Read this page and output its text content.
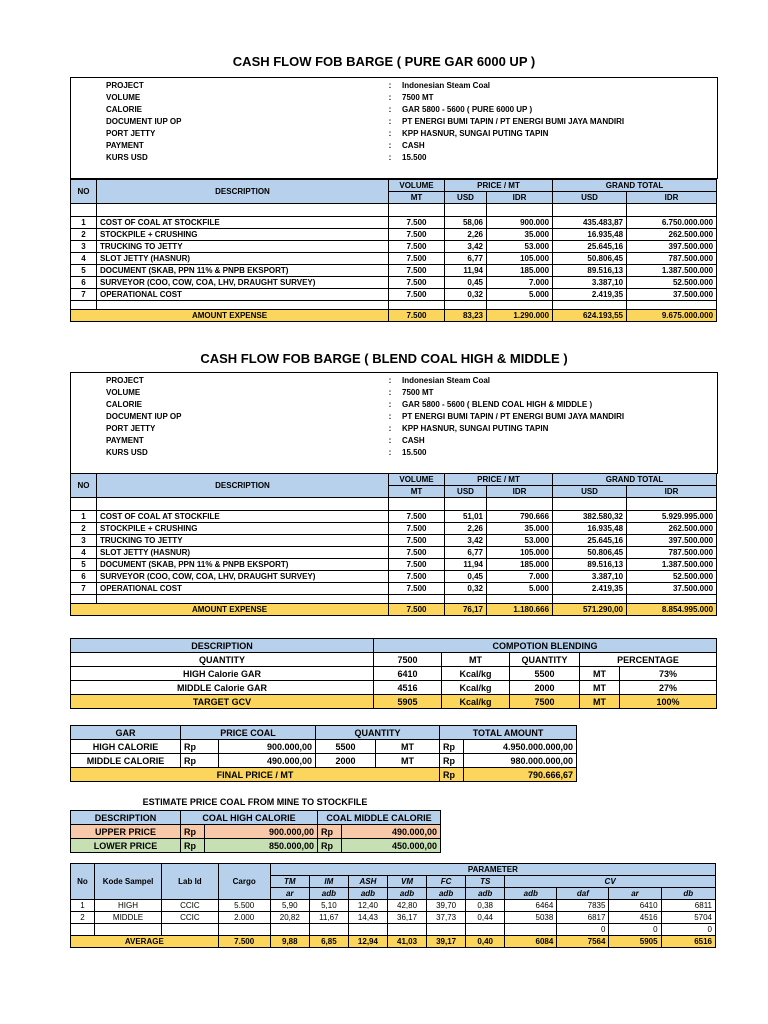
CASH FLOW FOB BARGE ( PURE GAR 6000 UP )
	PROJECT	:	Indonesian Steam Coal
	VOLUME	:	7500 MT
	CALORIE	:	GAR 5800 - 5600 ( PURE 6000 UP )
	DOCUMENT IUP OP	:	PT ENERGI BUMI TAPIN / PT ENERGI BUMI JAYA MANDIRI
	PORT JETTY	:	KPP HASNUR, SUNGAI PUTING TAPIN
	PAYMENT	:	CASH
	KURS USD	:	15.500
NO	DESCRIPTION	VOLUME	PRICE / MT		GRAND TOTAL	
		MT	USD	IDR	USD	IDR

1	COST OF COAL AT STOCKFILE	7.500	58,06	900.000	435.483,87	6.750.000.000
2	STOCKPILE + CRUSHING	7.500	2,26	35.000	16.935,48	262.500.000
3	TRUCKING TO JETTY	7.500	3,42	53.000	25.645,16	397.500.000
4	SLOT JETTY (HASNUR)	7.500	6,77	105.000	50.806,45	787.500.000
5	DOCUMENT (SKAB, PPN 11% & PNPB EKSPORT)	7.500	11,94	185.000	89.516,13	1.387.500.000
6	SURVEYOR (COO, COW, COA, LHV, DRAUGHT SURVEY)	7.500	0,45	7.000	3.387,10	52.500.000
7	OPERATIONAL COST	7.500	0,32	5.000	2.419,35	37.500.000

AMOUNT EXPENSE		7.500	83,23	1.290.000	624.193,55	9.675.000.000
CASH FLOW FOB BARGE ( BLEND COAL HIGH & MIDDLE )
	PROJECT	:	Indonesian Steam Coal
	VOLUME	:	7500 MT
	CALORIE	:	GAR 5800 - 5600 ( BLEND COAL HIGH & MIDDLE )
	DOCUMENT IUP OP	:	PT ENERGI BUMI TAPIN / PT ENERGI BUMI JAYA MANDIRI
	PORT JETTY	:	KPP HASNUR, SUNGAI PUTING TAPIN
	PAYMENT	:	CASH
	KURS USD	:	15.500
NO	DESCRIPTION	VOLUME	PRICE / MT		GRAND TOTAL	
		MT	USD	IDR	USD	IDR

1	COST OF COAL AT STOCKFILE	7.500	51,01	790.666	382.580,32	5.929.995.000
2	STOCKPILE + CRUSHING	7.500	2,26	35.000	16.935,48	262.500.000
3	TRUCKING TO JETTY	7.500	3,42	53.000	25.645,16	397.500.000
4	SLOT JETTY (HASNUR)	7.500	6,77	105.000	50.806,45	787.500.000
5	DOCUMENT (SKAB, PPN 11% & PNPB EKSPORT)	7.500	11,94	185.000	89.516,13	1.387.500.000
6	SURVEYOR (COO, COW, COA, LHV, DRAUGHT SURVEY)	7.500	0,45	7.000	3.387,10	52.500.000
7	OPERATIONAL COST	7.500	0,32	5.000	2.419,35	37.500.000

AMOUNT EXPENSE		7.500	76,17	1.180.666	571.290,00	8.854.995.000
DESCRIPTION	COMPOTION BLENDING				
QUANTITY	7500	MT	QUANTITY	PERCENTAGE	
HIGH Calorie GAR	6410	Kcal/kg	5500	MT	73%
MIDDLE Calorie GAR	4516	Kcal/kg	2000	MT	27%
TARGET GCV	5905	Kcal/kg	7500	MT	100%
GAR	PRICE COAL		QUANTITY		TOTAL AMOUNT	
HIGH CALORIE	Rp	900.000,00	5500	MT	Rp	4.950.000.000,00
MIDDLE CALORIE	Rp	490.000,00	2000	MT	Rp	980.000.000,00
FINAL PRICE / MT					Rp	790.666,67
ESTIMATE PRICE COAL FROM MINE TO STOCKFILE
DESCRIPTION	COAL HIGH CALORIE		COAL MIDDLE CALORIE	
UPPER PRICE	Rp	900.000,00	Rp	490.000,00
LOWER PRICE	Rp	850.000,00	Rp	450.000,00
No	Kode Sampel	Lab Id	Cargo	PARAMETER									
				TM	IM	ASH	VM	FC	TS	CV			
				ar	adb	adb	adb	adb	adb	adb	daf	ar	db
1	HIGH	CCIC	5.500	5,90	5,10	12,40	42,80	39,70	0,38	6464	7835	6410	6811
2	MIDDLE	CCIC	2.000	20,82	11,67	14,43	36,17	37,73	0,44	5038	6817	4516	5704
											0	0	0
AVERAGE			7.500	9,88	6,85	12,94	41,03	39,17	0,40	6084	7564	5905	6516
